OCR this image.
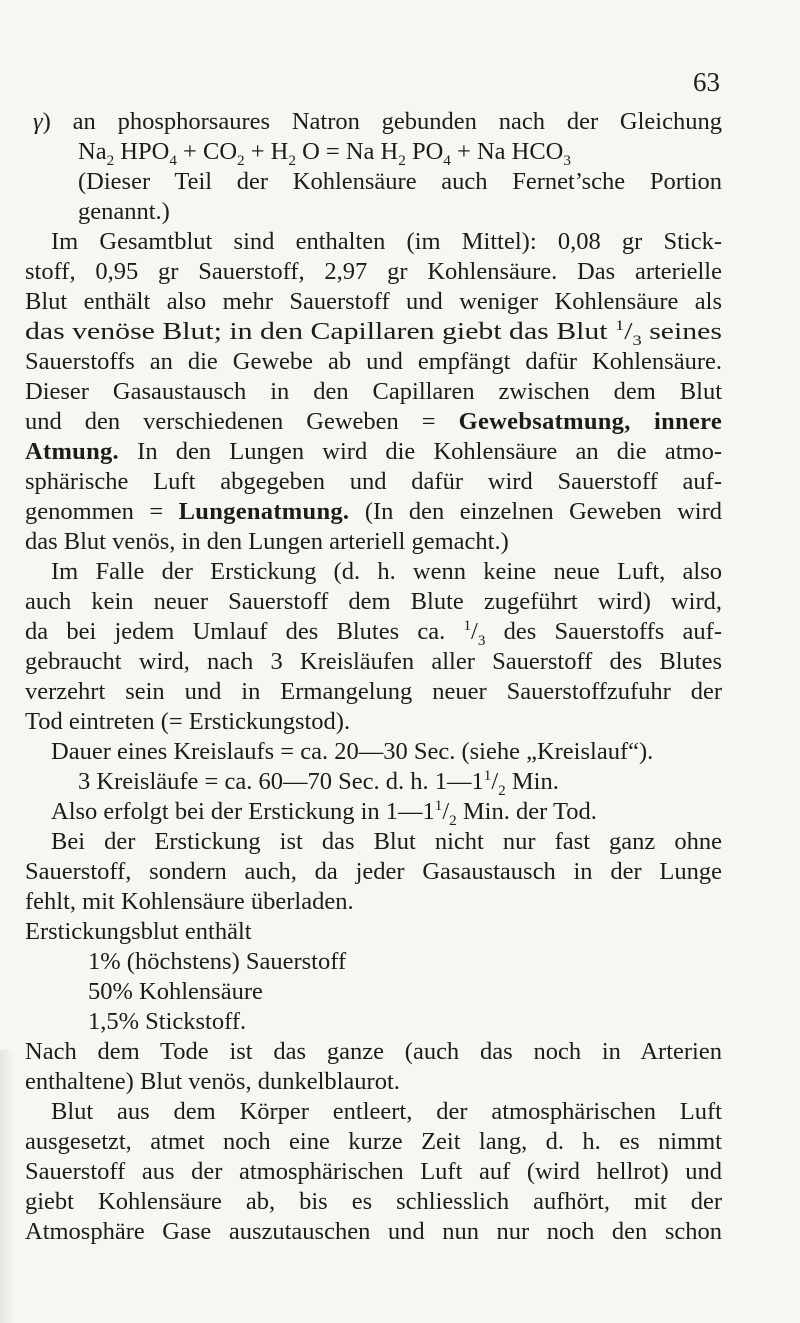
63
γ) an phosphorsaures Natron gebunden nach der Gleichung
$Na_2$ $HPO_4 + CO_2 + H_2$ O = Na $H_2$ $PO_4 + Na$ $HCO_3$
(Dieser Teil der Kohlensäure auch Fernet’sche Portion
genannt.)
Im Gesamtblut sind enthalten (im Mittel): 0,08 gr Stick-
stoff, 0,95 gr Sauerstoff, 2,97 gr Kohlensäure. Das arterielle
Blut enthält also mehr Sauerstoff und weniger Kohlensäure als
das venöse Blut; in den Capillaren giebt das Blut $^1/_3$ seines
Sauerstoffs an die Gewebe ab und empfängt dafür Kohlensäure.
Dieser Gasaustausch in den Capillaren zwischen dem Blut
und den verschiedenen Geweben = Gewebsatmung, innere
Atmung. In den Lungen wird die Kohlensäure an die atmo-
sphärische Luft abgegeben und dafür wird Sauerstoff auf-
genommen = Lungenatmung. (In den einzelnen Geweben wird
das Blut venös, in den Lungen arteriell gemacht.)
Im Falle der Erstickung (d. h. wenn keine neue Luft, also
auch kein neuer Sauerstoff dem Blute zugeführt wird) wird,
da bei jedem Umlauf des Blutes ca. $^1/_3$ des Sauerstoffs auf-
gebraucht wird, nach 3 Kreisläufen aller Sauerstoff des Blutes
verzehrt sein und in Ermangelung neuer Sauerstoffzufuhr der
Tod eintreten (= Erstickungstod).
Dauer eines Kreislaufs = ca. 20—30 Sec. (siehe „Kreislauf“).
3 Kreisläufe = ca. 60—70 Sec. d. h. $1—1^1/_2$ Min.
Also erfolgt bei der Erstickung in $1—1^1/_2$ Min. der Tod.
Bei der Erstickung ist das Blut nicht nur fast ganz ohne
Sauerstoff, sondern auch, da jeder Gasaustausch in der Lunge
fehlt, mit Kohlensäure überladen.
Erstickungsblut enthält
1% (höchstens) Sauerstoff
50% Kohlensäure
1,5% Stickstoff.
Nach dem Tode ist das ganze (auch das noch in Arterien
enthaltene) Blut venös, dunkelblaurot.
Blut aus dem Körper entleert, der atmosphärischen Luft
ausgesetzt, atmet noch eine kurze Zeit lang, d. h. es nimmt
Sauerstoff aus der atmosphärischen Luft auf (wird hellrot) und
giebt Kohlensäure ab, bis es schliesslich aufhört, mit der
Atmosphäre Gase auszutauschen und nun nur noch den schon
